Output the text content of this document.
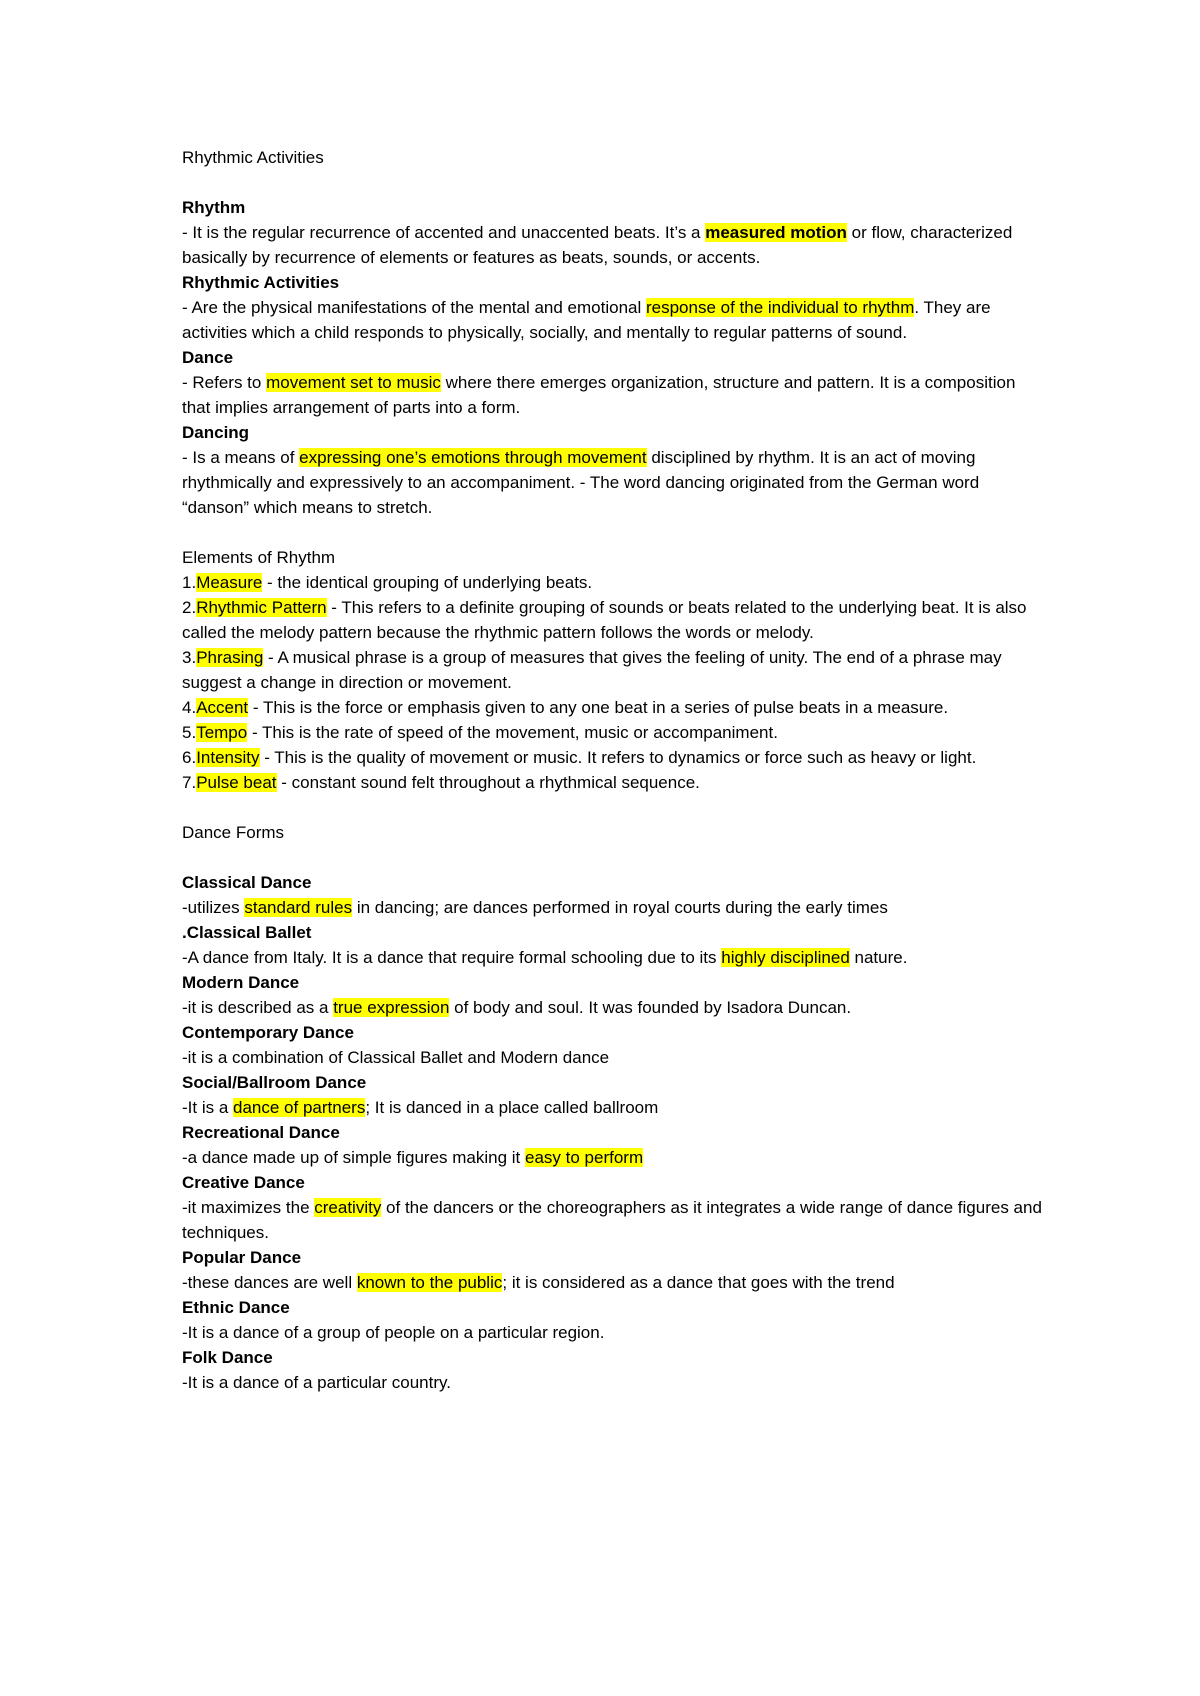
Rhythmic Activities

Rhythm

- It is the regular recurrence of accented and unaccented beats. It’s a measured motion or flow, characterized basically by recurrence of elements or features as beats, sounds, or accents.

Rhythmic Activities

- Are the physical manifestations of the mental and emotional response of the individual to rhythm. They are activities which a child responds to physically, socially, and mentally to regular patterns of sound.

Dance

- Refers to movement set to music where there emerges organization, structure and pattern. It is a composition that implies arrangement of parts into a form.

Dancing

- Is a means of expressing one’s emotions through movement disciplined by rhythm. It is an act of moving rhythmically and expressively to an accompaniment. - The word dancing originated from the German word “danson” which means to stretch.

Elements of Rhythm

1.Measure - the identical grouping of underlying beats.

2.Rhythmic Pattern - This refers to a definite grouping of sounds or beats related to the underlying beat. It is also called the melody pattern because the rhythmic pattern follows the words or melody.

3.Phrasing - A musical phrase is a group of measures that gives the feeling of unity. The end of a phrase may suggest a change in direction or movement.

4.Accent - This is the force or emphasis given to any one beat in a series of pulse beats in a measure.

5.Tempo - This is the rate of speed of the movement, music or accompaniment.

6.Intensity - This is the quality of movement or music. It refers to dynamics or force such as heavy or light.

7.Pulse beat - constant sound felt throughout a rhythmical sequence.

Dance Forms

Classical Dance

-utilizes standard rules in dancing; are dances performed in royal courts during the early times

.Classical Ballet

-A dance from Italy. It is a dance that require formal schooling due to its highly disciplined nature.

Modern Dance

-it is described as a true expression of body and soul. It was founded by Isadora Duncan.

Contemporary Dance

-it is a combination of Classical Ballet and Modern dance

Social/Ballroom Dance

-It is a dance of partners; It is danced in a place called ballroom

Recreational Dance

-a dance made up of simple figures making it easy to perform

Creative Dance

-it maximizes the creativity of the dancers or the choreographers as it integrates a wide range of dance figures and techniques.

Popular Dance

-these dances are well known to the public; it is considered as a dance that goes with the trend

Ethnic Dance

-It is a dance of a group of people on a particular region.

Folk Dance

-It is a dance of a particular country.
